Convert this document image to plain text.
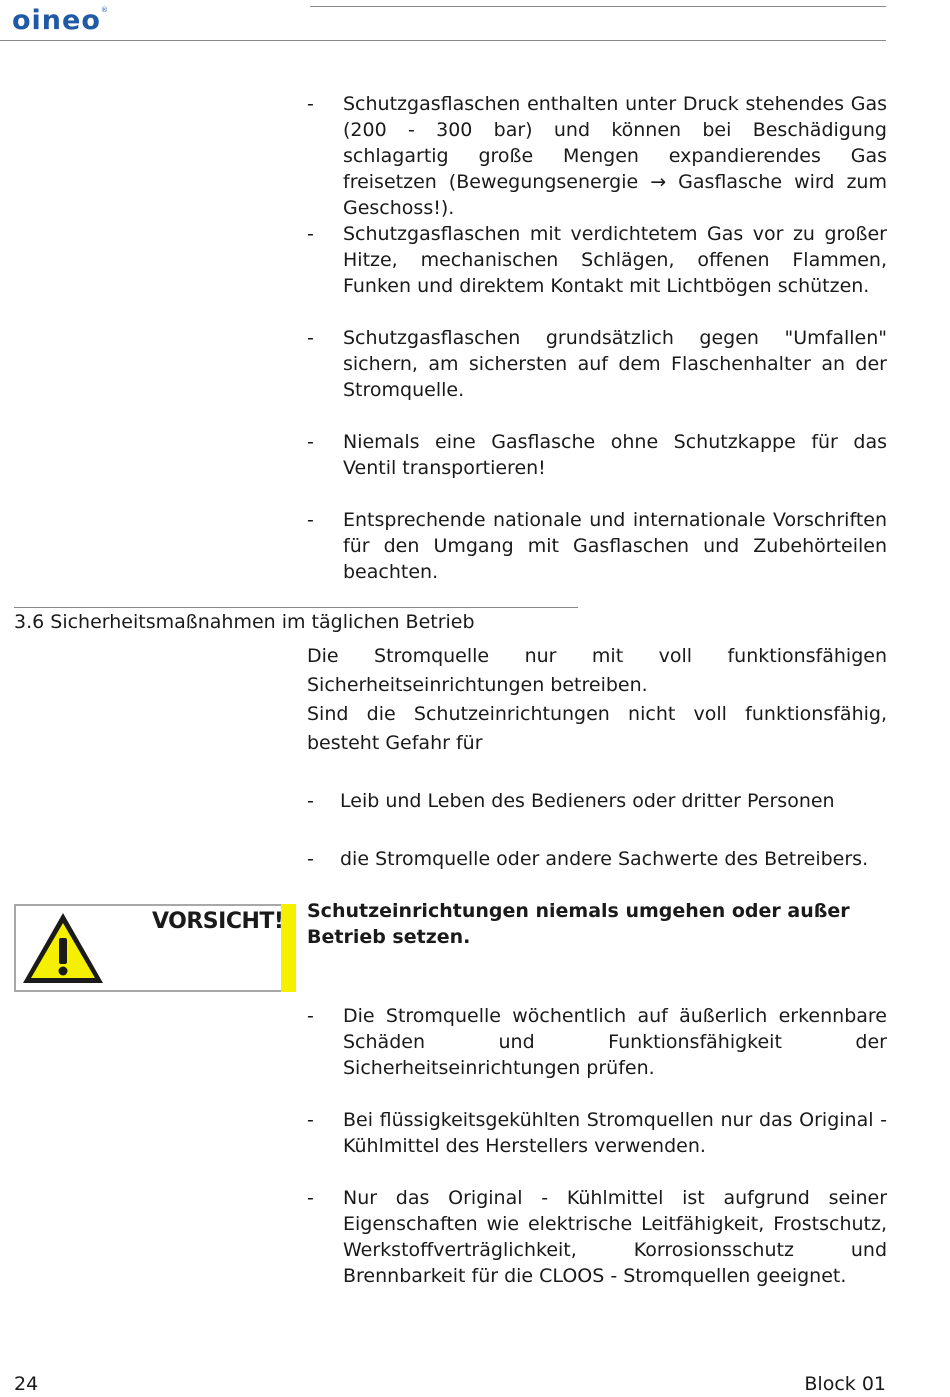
oineo®
-	Schutzgasflaschen enthalten unter Druck stehendes Gas (200 - 300 bar) und können bei Beschädigung schlagartig große Mengen expandierendes Gas freisetzen (Bewegungsenergie → Gasflasche wird zum Geschoss!).
-	Schutzgasflaschen mit verdichtetem Gas vor zu großer Hitze, mechanischen Schlägen, offenen Flammen, Funken und direktem Kontakt mit Lichtbögen schützen.
-	Schutzgasflaschen grundsätzlich gegen "Umfallen" sichern, am sichersten auf dem Flaschenhalter an der Stromquelle.
-	Niemals eine Gasflasche ohne Schutzkappe für das Ventil transportieren!
-	Entsprechende nationale und internationale Vorschriften für den Umgang mit Gasflaschen und Zubehörteilen beachten.
3.6 Sicherheitsmaßnahmen im täglichen Betrieb
Die Stromquelle nur mit voll funktionsfähigen Sicherheitseinrichtungen betreiben.
Sind die Schutzeinrichtungen nicht voll funktionsfähig, besteht Gefahr für
-	Leib und Leben des Bedieners oder dritter Personen
-	die Stromquelle oder andere Sachwerte des Betreibers.
VORSICHT! Schutzeinrichtungen niemals umgehen oder außer Betrieb setzen.
-	Die Stromquelle wöchentlich auf äußerlich erkennbare Schäden und Funktionsfähigkeit der Sicherheitseinrichtungen prüfen.
-	Bei flüssigkeitsgekühlten Stromquellen nur das Original - Kühlmittel des Herstellers verwenden.
-	Nur das Original - Kühlmittel ist aufgrund seiner Eigenschaften wie elektrische Leitfähigkeit, Frostschutz, Werkstoffverträglichkeit, Korrosionsschutz und Brennbarkeit für die CLOOS - Stromquellen geeignet.
24	Block 01
